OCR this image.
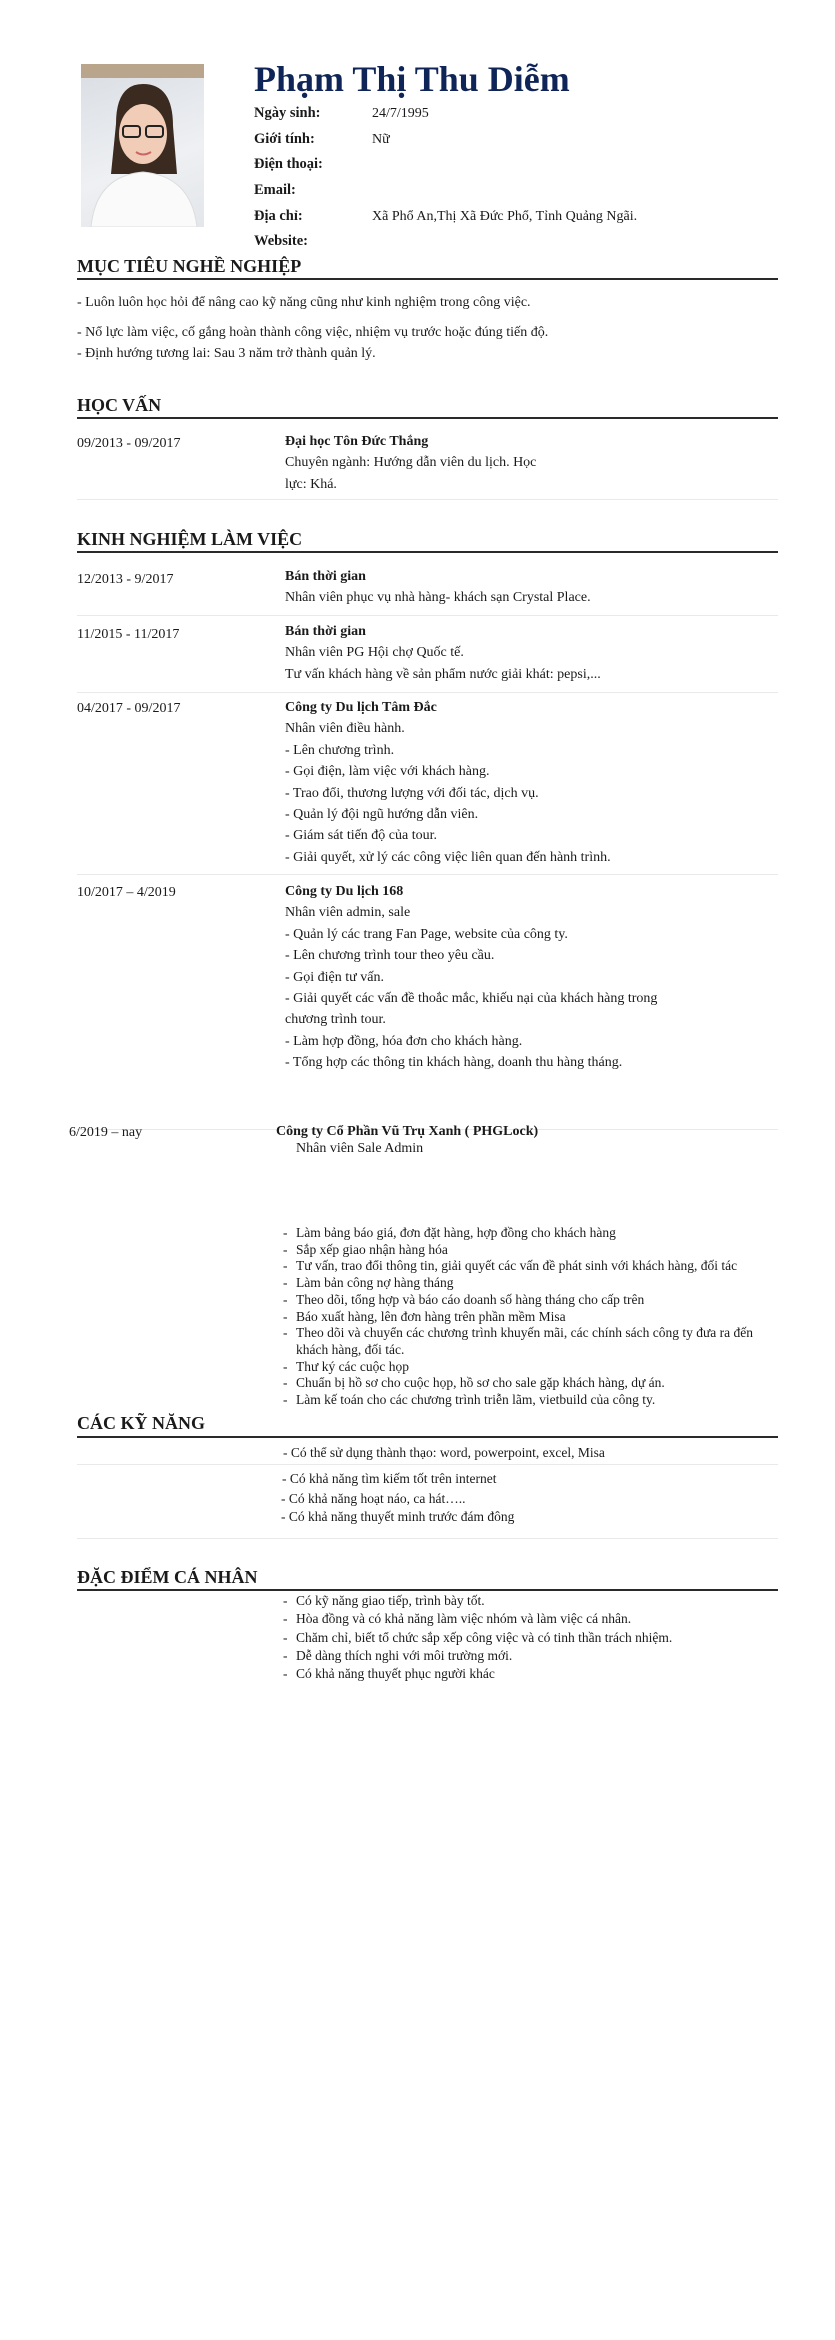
Phạm Thị Thu Diễm
Ngày sinh:	24/7/1995
Giới tính:	Nữ
Điện thoại:
Email:
Địa chỉ:	Xã Phổ An,Thị Xã Đức Phổ, Tỉnh Quảng Ngãi.
Website:
MỤC TIÊU NGHỀ NGHIỆP
- Luôn luôn học hỏi để nâng cao kỹ năng cũng như kinh nghiệm trong công việc.
- Nổ lực làm việc, cố gắng hoàn thành công việc, nhiệm vụ trước hoặc đúng tiến độ.
- Định hướng tương lai: Sau 3 năm trở thành quản lý.
HỌC VẤN
09/2013 - 09/2017	Đại học Tôn Đức Thắng
Chuyên ngành: Hướng dẫn viên du lịch. Học
lực: Khá.
KINH NGHIỆM LÀM VIỆC
12/2013 - 9/2017	Bán thời gian
Nhân viên phục vụ nhà hàng- khách sạn Crystal Place.
11/2015 - 11/2017	Bán thời gian
Nhân viên PG Hội chợ Quốc tế.
Tư vấn khách hàng về sản phẩm nước giải khát: pepsi,...
04/2017 - 09/2017	Công ty Du lịch Tâm Đắc
Nhân viên điều hành.
- Lên chương trình.
- Gọi điện, làm việc với khách hàng.
- Trao đổi, thương lượng với đối tác, dịch vụ.
- Quản lý đội ngũ hướng dẫn viên.
- Giám sát tiến độ của tour.
- Giải quyết, xử lý các công việc liên quan đến hành trình.
10/2017 – 4/2019	Công ty Du lịch 168
Nhân viên admin, sale
- Quản lý các trang Fan Page, website của công ty.
- Lên chương trình tour theo yêu cầu.
- Gọi điện tư vấn.
- Giải quyết các vấn đề thoắc mắc, khiếu nại của khách hàng trong
chương trình tour.
- Làm hợp đồng, hóa đơn cho khách hàng.
- Tổng hợp các thông tin khách hàng, doanh thu hàng tháng.
6/2019 – nay	Công ty Cổ Phần Vũ Trụ Xanh ( PHGLock)
Nhân viên Sale Admin
- Làm bảng báo giá, đơn đặt hàng, hợp đồng cho khách hàng
- Sắp xếp giao nhận hàng hóa
- Tư vấn, trao đổi thông tin, giải quyết các vấn đề phát sinh với khách hàng, đối tác
- Làm bản công nợ hàng tháng
- Theo dõi, tổng hợp và báo cáo doanh số hàng tháng cho cấp trên
- Báo xuất hàng, lên đơn hàng trên phần mềm Misa
- Theo dõi và chuyển các chương trình khuyến mãi, các chính sách công ty đưa ra đến khách hàng, đối tác.
- Thư ký các cuộc họp
- Chuẩn bị hồ sơ cho cuộc họp, hồ sơ cho sale gặp khách hàng, dự án.
- Làm kế toán cho các chương trình triễn lãm, vietbuild của công ty.
CÁC KỸ NĂNG
- Có thể sử dụng thành thạo: word, powerpoint, excel, Misa
- Có khả năng tìm kiếm tốt trên internet
- Có khả năng hoạt náo, ca hát…..
- Có khả năng thuyết minh trước đám đông
ĐẶC ĐIỂM CÁ NHÂN
- Có kỹ năng giao tiếp, trình bày tốt.
- Hòa đồng và có khả năng làm việc nhóm và làm việc cá nhân.
- Chăm chỉ, biết tổ chức sắp xếp công việc và có tinh thần trách nhiệm.
- Dễ dàng thích nghi với môi trường mới.
- Có khả năng thuyết phục người khác
